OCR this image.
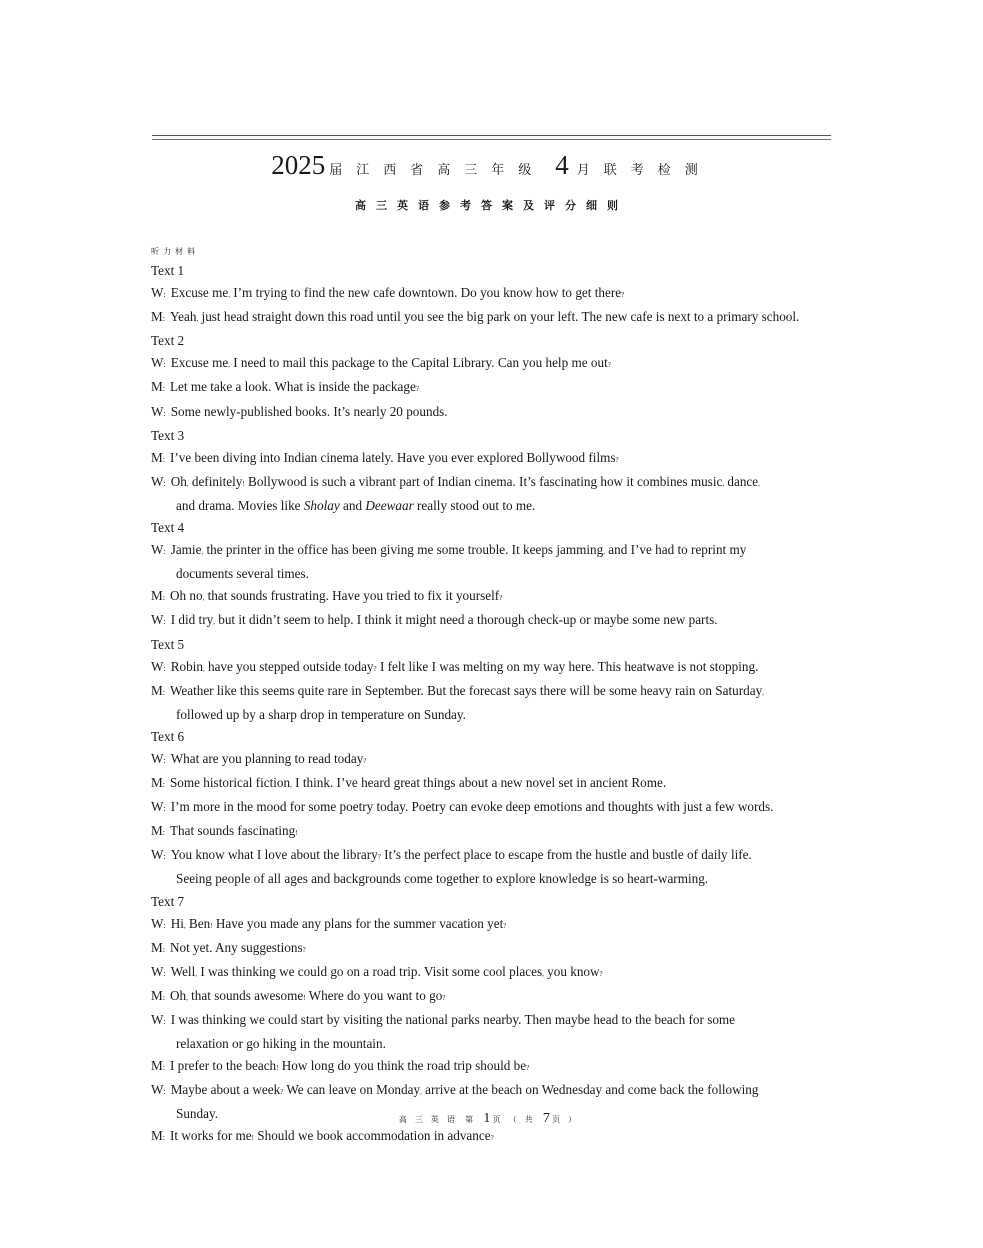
2025 届江西省高三年级 4 月联考检测
高三英语参考答案及评分细则
听力材料
Text 1
W: Excuse me, I’m trying to find the new cafe downtown. Do you know how to get there?
M: Yeah, just head straight down this road until you see the big park on your left. The new cafe is next to a primary school.
Text 2
W: Excuse me, I need to mail this package to the Capital Library. Can you help me out?
M: Let me take a look. What is inside the package?
W: Some newly-published books. It’s nearly 20 pounds.
Text 3
M: I’ve been diving into Indian cinema lately. Have you ever explored Bollywood films?
W: Oh, definitely! Bollywood is such a vibrant part of Indian cinema. It’s fascinating how it combines music, dance,
and drama. Movies like Sholay and Deewaar really stood out to me.
Text 4
W: Jamie, the printer in the office has been giving me some trouble. It keeps jamming, and I’ve had to reprint my
documents several times.
M: Oh no, that sounds frustrating. Have you tried to fix it yourself?
W: I did try, but it didn’t seem to help. I think it might need a thorough check-up or maybe some new parts.
Text 5
W: Robin, have you stepped outside today? I felt like I was melting on my way here. This heatwave is not stopping.
M: Weather like this seems quite rare in September. But the forecast says there will be some heavy rain on Saturday,
followed up by a sharp drop in temperature on Sunday.
Text 6
W: What are you planning to read today?
M: Some historical fiction, I think. I’ve heard great things about a new novel set in ancient Rome.
W: I’m more in the mood for some poetry today. Poetry can evoke deep emotions and thoughts with just a few words.
M: That sounds fascinating!
W: You know what I love about the library? It’s the perfect place to escape from the hustle and bustle of daily life.
Seeing people of all ages and backgrounds come together to explore knowledge is so heart-warming.
Text 7
W: Hi, Ben! Have you made any plans for the summer vacation yet?
M: Not yet. Any suggestions?
W: Well, I was thinking we could go on a road trip. Visit some cool places, you know?
M: Oh, that sounds awesome! Where do you want to go?
W: I was thinking we could start by visiting the national parks nearby. Then maybe head to the beach for some
relaxation or go hiking in the mountain.
M: I prefer to the beach! How long do you think the road trip should be?
W: Maybe about a week? We can leave on Monday, arrive at the beach on Wednesday and come back the following
Sunday.
M: It works for me! Should we book accommodation in advance?
高三英语 第 1 页（共 7 页）
